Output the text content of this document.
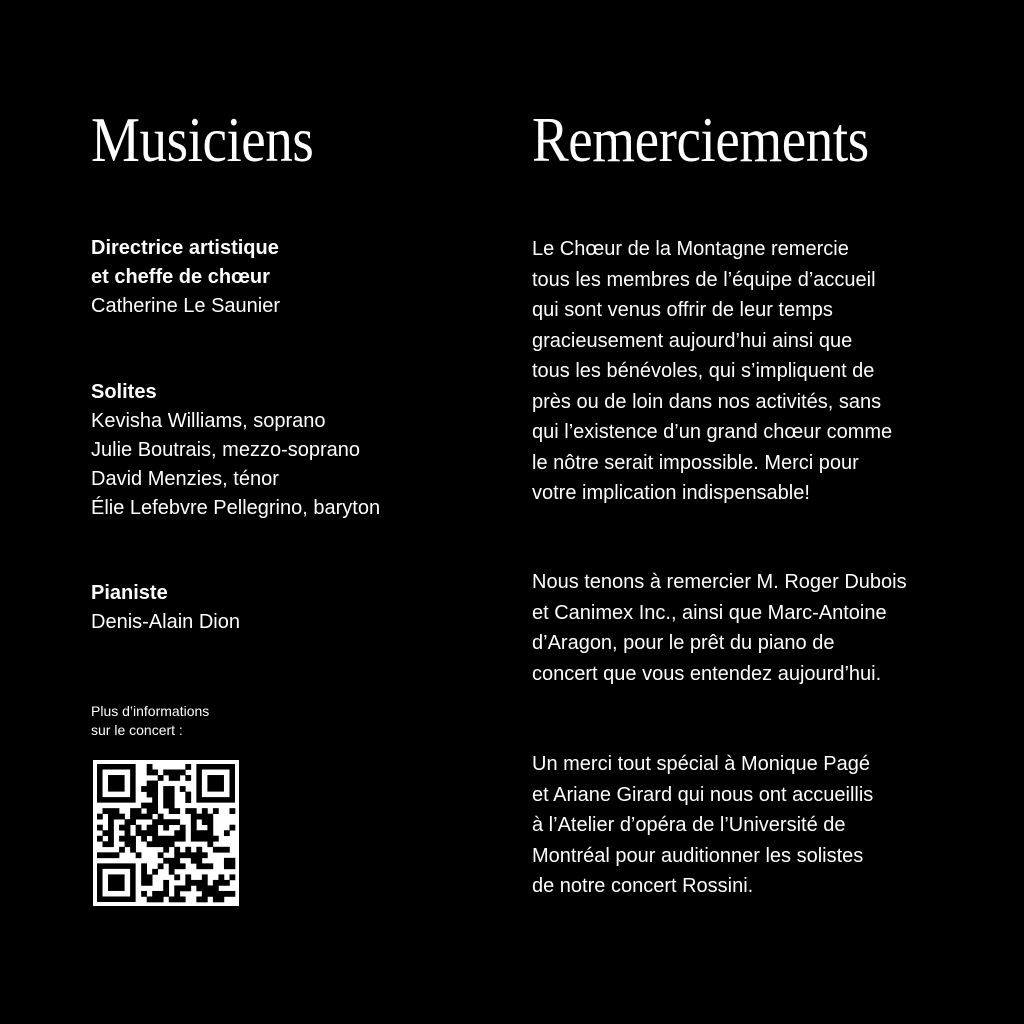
Musiciens	Remerciements
Directrice artistique
et cheffe de chœur
Catherine Le Saunier
Solites
Kevisha Williams, soprano
Julie Boutrais, mezzo-soprano
David Menzies, ténor
Élie Lefebvre Pellegrino, baryton
Pianiste
Denis-Alain Dion
Plus d’informations
sur le concert :
Le Chœur de la Montagne remercie
tous les membres de l’équipe d’accueil
qui sont venus offrir de leur temps
gracieusement aujourd’hui ainsi que
tous les bénévoles, qui s’impliquent de
près ou de loin dans nos activités, sans
qui l’existence d’un grand chœur comme
le nôtre serait impossible. Merci pour
votre implication indispensable!
Nous tenons à remercier M. Roger Dubois
et Canimex Inc., ainsi que Marc-Antoine
d’Aragon, pour le prêt du piano de
concert que vous entendez aujourd’hui.
Un merci tout spécial à Monique Pagé
et Ariane Girard qui nous ont accueillis
à l’Atelier d’opéra de l’Université de
Montréal pour auditionner les solistes
de notre concert Rossini.
